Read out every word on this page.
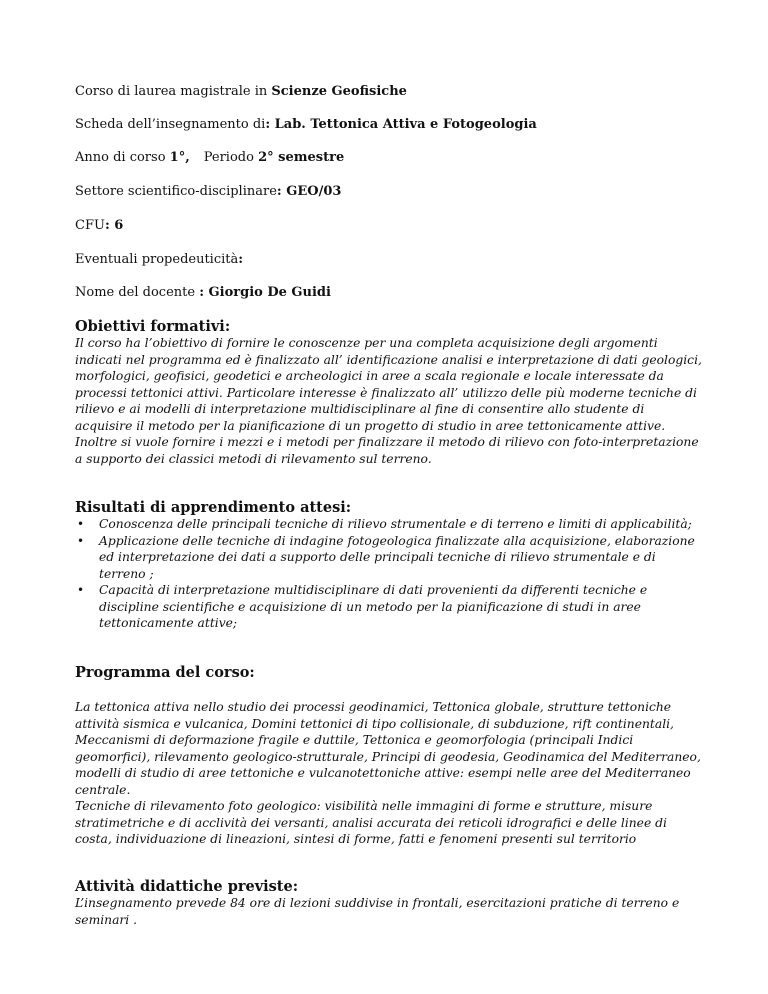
Corso di laurea magistrale in Scienze Geofisiche
Scheda dell’insegnamento di: Lab. Tettonica Attiva e Fotogeologia
Anno di corso 1°, Periodo 2° semestre
Settore scientifico-disciplinare: GEO/03
CFU: 6
Eventuali propedeuticità:
Nome del docente : Giorgio De Guidi
Obiettivi formativi:

Il corso ha l’obiettivo di fornire le conoscenze per una completa acquisizione degli argomenti indicati nel programma ed è finalizzato all’ identificazione analisi e interpretazione di dati geologici, morfologici, geofisici, geodetici e archeologici in aree a scala regionale e locale interessate da processi tettonici attivi. Particolare interesse è finalizzato all’ utilizzo delle più moderne tecniche di rilievo e ai modelli di interpretazione multidisciplinare al fine di consentire allo studente di acquisire il metodo per la pianificazione di un progetto di studio in aree tettonicamente attive.

Inoltre si vuole fornire i mezzi e i metodi per finalizzare il metodo di rilievo con foto-interpretazione a supporto dei classici metodi di rilevamento sul terreno.

Risultati di apprendimento attesi:
• Conoscenza delle principali tecniche di rilievo strumentale e di terreno e limiti di applicabilità;
• Applicazione delle tecniche di indagine fotogeologica finalizzate alla acquisizione, elaborazione ed interpretazione dei dati a supporto delle principali tecniche di rilievo strumentale e di terreno ;
• Capacità di interpretazione multidisciplinare di dati provenienti da differenti tecniche e discipline scientifiche e acquisizione di un metodo per la pianificazione di studi in aree tettonicamente attive;
Programma del corso:

La tettonica attiva nello studio dei processi geodinamici, Tettonica globale, strutture tettoniche attività sismica e vulcanica, Domini tettonici di tipo collisionale, di subduzione, rift continentali, Meccanismi di deformazione fragile e duttile, Tettonica e geomorfologia (principali Indici geomorfici), rilevamento geologico-strutturale, Principi di geodesia, Geodinamica del Mediterraneo, modelli di studio di aree tettoniche e vulcanotettoniche attive: esempi nelle aree del Mediterraneo centrale.

Tecniche di rilevamento foto geologico: visibilità nelle immagini di forme e strutture, misure stratimetriche e di acclività dei versanti, analisi accurata dei reticoli idrografici e delle linee di costa, individuazione di lineazioni, sintesi di forme, fatti e fenomeni presenti sul territorio

Attività didattiche previste:

L’insegnamento prevede 84 ore di lezioni suddivise in frontali, esercitazioni pratiche di terreno e seminari .
